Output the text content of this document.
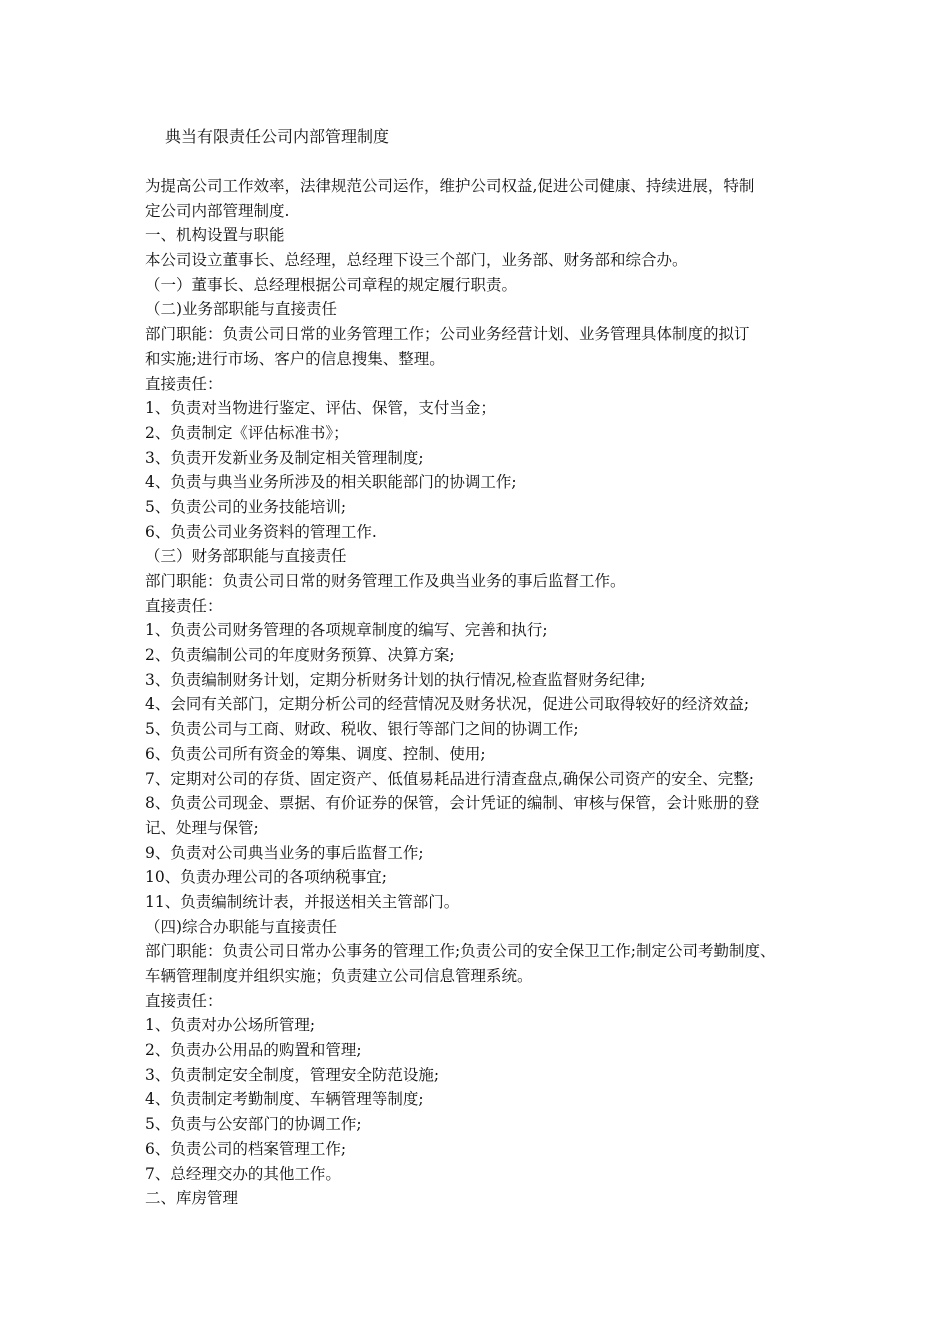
典当有限责任公司内部管理制度
为提高公司工作效率，法律规范公司运作，维护公司权益,促进公司健康、持续进展，特制
定公司内部管理制度.
一、机构设置与职能
本公司设立董事长、总经理，总经理下设三个部门，业务部、财务部和综合办。
（一）董事长、总经理根据公司章程的规定履行职责。
（二)业务部职能与直接责任
部门职能：负责公司日常的业务管理工作；公司业务经营计划、业务管理具体制度的拟订
和实施;进行市场、客户的信息搜集、整理。
直接责任：
1、负责对当物进行鉴定、评估、保管，支付当金；
2、负责制定《评估标准书》；
3、负责开发新业务及制定相关管理制度;
4、负责与典当业务所涉及的相关职能部门的协调工作;
5、负责公司的业务技能培训;
6、负责公司业务资料的管理工作.
（三）财务部职能与直接责任
部门职能：负责公司日常的财务管理工作及典当业务的事后监督工作。
直接责任：
1、负责公司财务管理的各项规章制度的编写、完善和执行;
2、负责编制公司的年度财务预算、决算方案;
3、负责编制财务计划，定期分析财务计划的执行情况,检查监督财务纪律;
4、会同有关部门，定期分析公司的经营情况及财务状况，促进公司取得较好的经济效益;
5、负责公司与工商、财政、税收、银行等部门之间的协调工作;
6、负责公司所有资金的筹集、调度、控制、使用;
7、定期对公司的存货、固定资产、低值易耗品进行清查盘点,确保公司资产的安全、完整;
8、负责公司现金、票据、有价证券的保管，会计凭证的编制、审核与保管，会计账册的登
记、处理与保管;
9、负责对公司典当业务的事后监督工作;
10、负责办理公司的各项纳税事宜;
11、负责编制统计表，并报送相关主管部门。
（四)综合办职能与直接责任
部门职能：负责公司日常办公事务的管理工作;负责公司的安全保卫工作;制定公司考勤制度、
车辆管理制度并组织实施；负责建立公司信息管理系统。
直接责任：
1、负责对办公场所管理;
2、负责办公用品的购置和管理;
3、负责制定安全制度，管理安全防范设施;
4、负责制定考勤制度、车辆管理等制度;
5、负责与公安部门的协调工作;
6、负责公司的档案管理工作;
7、总经理交办的其他工作。
二、库房管理
